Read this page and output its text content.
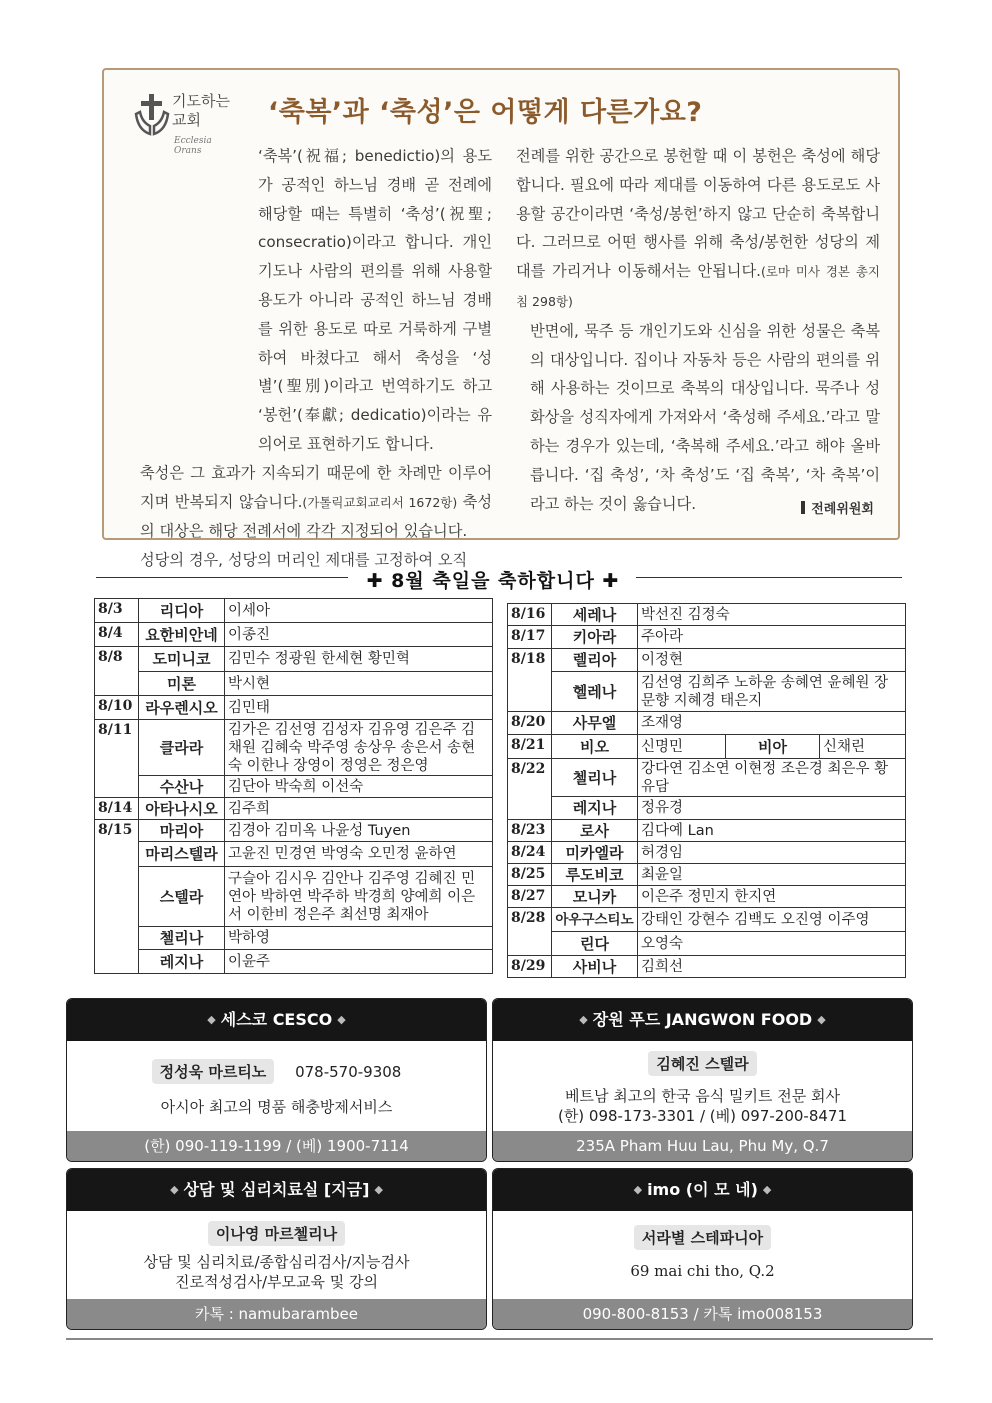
기도하는
교회
Ecclesia Orans
‘축복’과 ‘축성’은 어떻게 다른가요?

‘축복’(祝福; benedictio)의 용도가 공적인 하느님 경배 곧 전례에 해당할 때는 특별히 ‘축성’(祝聖; consecratio)이라고 합니다. 개인기도나 사람의 편의를 위해 사용할 용도가 아니라 공적인 하느님 경배를 위한 용도로 따로 거룩하게 구별하여 바쳤다고 해서 축성을 ‘성별’(聖別)이라고 번역하기도 하고 ‘봉헌’(奉獻; dedicatio)이라는 유의어로 표현하기도 합니다.

축성은 그 효과가 지속되기 때문에 한 차례만 이루어지며 반복되지 않습니다.(가톨릭교회교리서 1672항) 축성의 대상은 해당 전례서에 각각 지정되어 있습니다.

성당의 경우, 성당의 머리인 제대를 고정하여 오직

전례를 위한 공간으로 봉헌할 때 이 봉헌은 축성에 해당합니다. 필요에 따라 제대를 이동하여 다른 용도로도 사용할 공간이라면 ‘축성/봉헌’하지 않고 단순히 축복합니다. 그러므로 어떤 행사를 위해 축성/봉헌한 성당의 제대를 가리거나 이동해서는 안됩니다.(로마 미사 경본 총지침 298항)

반면에, 묵주 등 개인기도와 신심을 위한 성물은 축복의 대상입니다. 집이나 자동차 등은 사람의 편의를 위해 사용하는 것이므로 축복의 대상입니다. 묵주나 성화상을 성직자에게 가져와서 ‘축성해 주세요.’라고 말하는 경우가 있는데, ‘축복해 주세요.’라고 해야 올바릅니다. ‘집 축성’, ‘차 축성’도 ‘집 축복’, ‘차 축복’이라고 하는 것이 옳습니다.	전례위원회
✚ 8월 축일을 축하합니다 ✚
8/3	리디아	이세아
8/4	요한비안네	이종진
8/8	도미니코	김민수 정광원 한세현 황민혁
	미론	박시현
8/10	라우렌시오	김민태
8/11	클라라	김가은 김선영 김성자 김유영 김은주 김채원 김혜숙 박주영 송상우 송은서 송현숙 이한나 장영이 정영은 정은영
	수산나	김단아 박숙희 이선숙
8/14	아타나시오	김주희
8/15	마리아	김경아 김미옥 나윤성 Tuyen
	마리스텔라	고윤진 민경연 박영숙 오민정 윤하연
	스텔라	구슬아 김시우 김안나 김주영 김혜진 민연아 박하연 박주하 박경희 양예희 이은서 이한비 정은주 최선명 최재아
	첼리나	박하영
	레지나	이윤주
8/16	세레나	박선진 김정숙		
8/17	키아라	주아라		
8/18	렐리아	이정현		
	헬레나	김선영 김희주 노하윤 송혜연 윤혜원 장문향 지혜경 태은지		
8/20	사무엘	조재영		
8/21	비오	신명민	비아	신채린
8/22	첼리나	강다연 김소연 이현정 조은경 최은우 황유담		
	레지나	정유경		
8/23	로사	김다예 Lan		
8/24	미카엘라	허경임		
8/25	루도비코	최윤일		
8/27	모니카	이은주 정민지 한지연		
8/28	아우구스티노	강태인 강현수 김백도 오진영 이주영		
	린다	오영숙		
8/29	사비나	김희선		
◆ 세스코 CESCO ◆
정성욱 마르티노 078-570-9308
아시아 최고의 명품 해충방제서비스
(한) 090-119-1199 / (베) 1900-7114
◆ 장원 푸드 JANGWON FOOD ◆
김혜진 스텔라
베트남 최고의 한국 음식 밀키트 전문 회사
(한) 098-173-3301 / (베) 097-200-8471
235A Pham Huu Lau, Phu My, Q.7
◆ 상담 및 심리치료실 [지금] ◆
이나영 마르첼리나
상담 및 심리치료/종합심리검사/지능검사
진로적성검사/부모교육 및 강의
카톡 : namubarambee
◆ imo (이 모 네) ◆
서라별 스테파니아
69 mai chi tho, Q.2
090-800-8153 / 카톡 imo008153
